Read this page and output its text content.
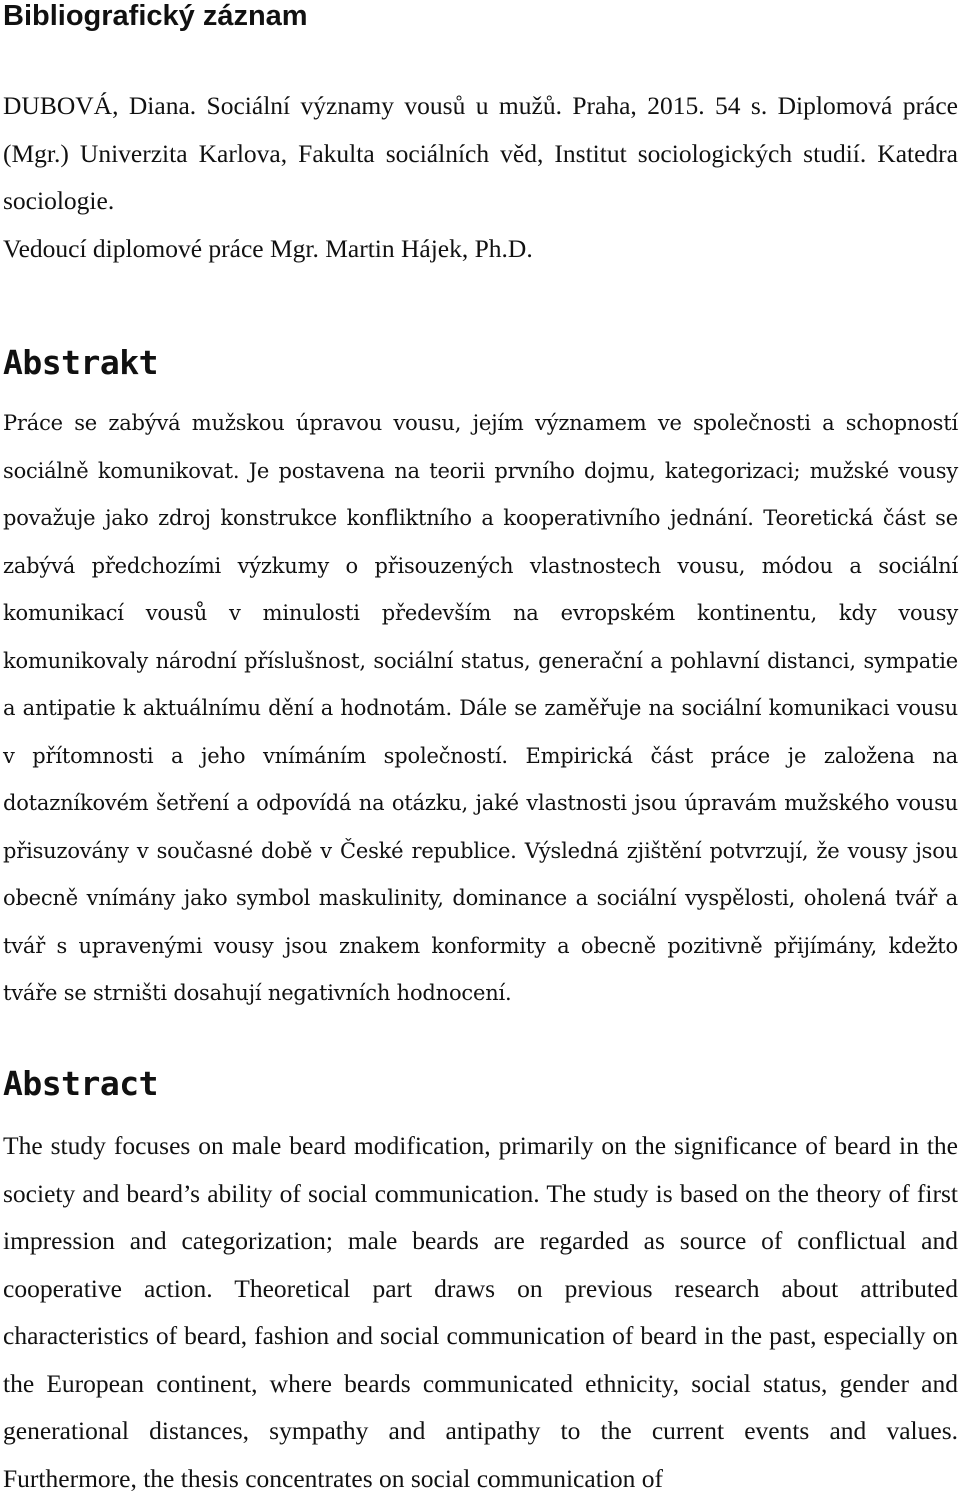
Bibliografický záznam

DUBOVÁ, Diana. Sociální významy vousů u mužů. Praha, 2015. 54 s. Diplomová práce (Mgr.) Univerzita Karlova, Fakulta sociálních věd, Institut sociologických studií. Katedra sociologie.

Vedoucí diplomové práce Mgr. Martin Hájek, Ph.D.

Abstrakt

Práce se zabývá mužskou úpravou vousu, jejím významem ve společnosti a schopností sociálně komunikovat. Je postavena na teorii prvního dojmu, kategorizaci; mužské vousy považuje jako zdroj konstrukce konfliktního a kooperativního jednání. Teoretická část se zabývá předchozími výzkumy o přisouzených vlastnostech vousu, módou a sociální komunikací vousů v minulosti především na evropském kontinentu, kdy vousy komunikovaly národní příslušnost, sociální status, generační a pohlavní distanci, sympatie a antipatie k aktuálnímu dění a hodnotám. Dále se zaměřuje na sociální komunikaci vousu v přítomnosti a jeho vnímáním společností. Empirická část práce je založena na dotazníkovém šetření a odpovídá na otázku, jaké vlastnosti jsou úpravám mužského vousu přisuzovány v současné době v České republice. Výsledná zjištění potvrzují, že vousy jsou obecně vnímány jako symbol maskulinity, dominance a sociální vyspělosti, oholená tvář a tvář s upravenými vousy jsou znakem konformity a obecně pozitivně přijímány, kdežto tváře se strništi dosahují negativních hodnocení.

Abstract

The study focuses on male beard modification, primarily on the significance of beard in the society and beard’s ability of social communication. The study is based on the theory of first impression and categorization; male beards are regarded as source of conflictual and cooperative action. Theoretical part draws on previous research about attributed characteristics of beard, fashion and social communication of beard in the past, especially on the European continent, where beards communicated ethnicity, social status, gender and generational distances, sympathy and antipathy to the current events and values. Furthermore, the thesis concentrates on social communication of
